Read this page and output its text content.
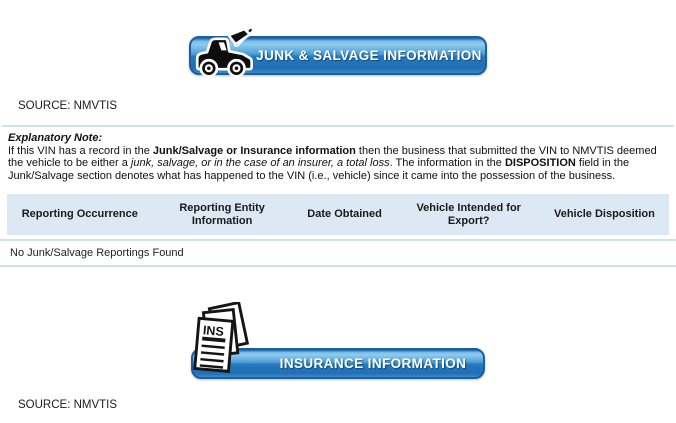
JUNK & SALVAGE INFORMATION
SOURCE: NMVTIS
Explanatory Note:
If this VIN has a record in the Junk/Salvage or Insurance information then the business that submitted the VIN to NMVTIS deemed the vehicle to be either a junk, salvage, or in the case of an insurer, a total loss. The information in the DISPOSITION field in the Junk/Salvage section denotes what has happened to the VIN (i.e., vehicle) since it came into the possession of the business.
Reporting Occurrence
Reporting Entity Information
Date Obtained
Vehicle Intended for Export?
Vehicle Disposition
No Junk/Salvage Reportings Found
INSURANCE INFORMATION
INS
SOURCE: NMVTIS
